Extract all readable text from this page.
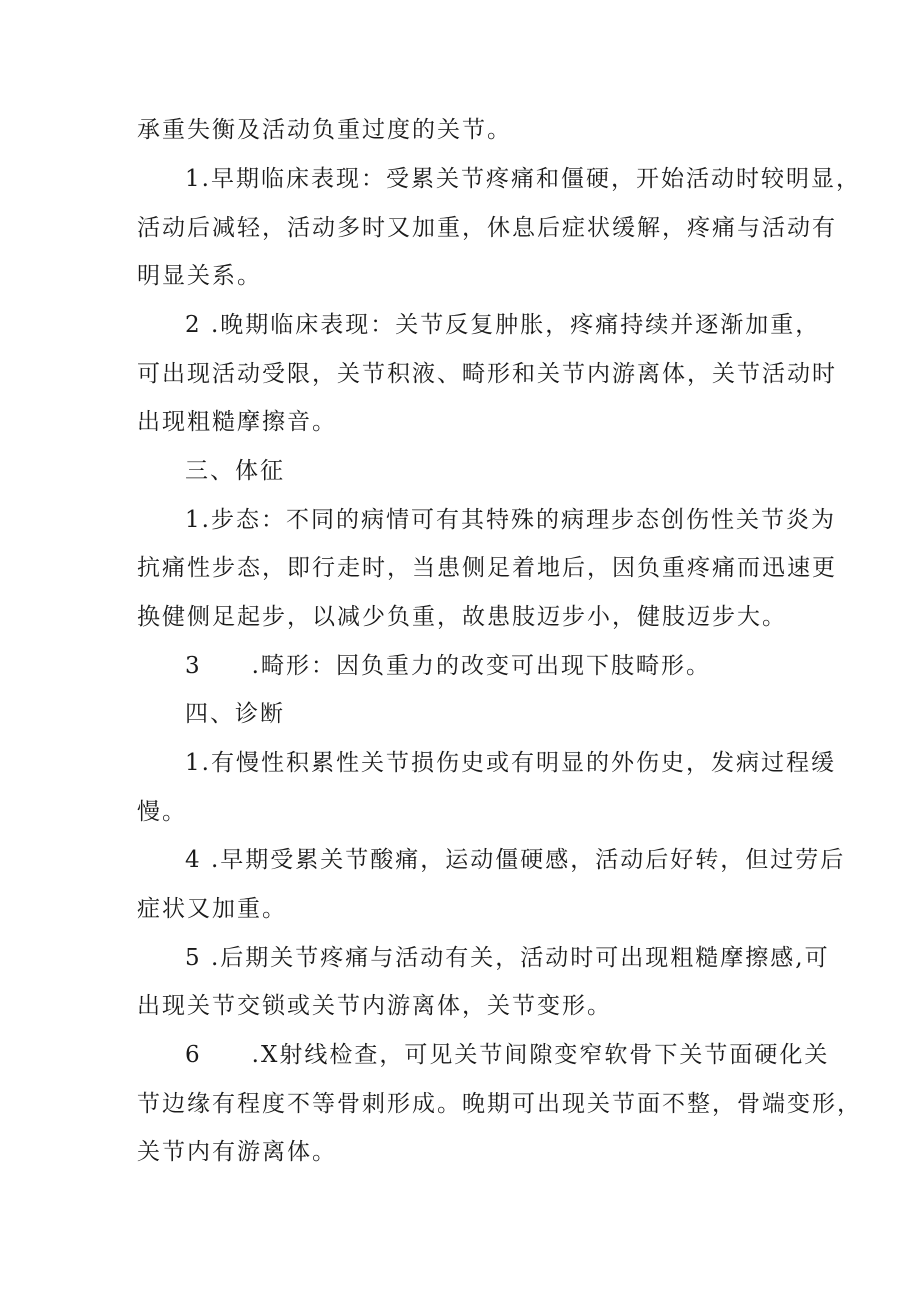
承重失衡及活动负重过度的关节。
1.早期临床表现：受累关节疼痛和僵硬，开始活动时较明显，
活动后减轻，活动多时又加重，休息后症状缓解，疼痛与活动有
明显关系。
2 .晚期临床表现：关节反复肿胀，疼痛持续并逐渐加重，
可出现活动受限，关节积液、畸形和关节内游离体，关节活动时
出现粗糙摩擦音。
三、体征
1.步态：不同的病情可有其特殊的病理步态创伤性关节炎为
抗痛性步态，即行走时，当患侧足着地后，因负重疼痛而迅速更
换健侧足起步，以减少负重，故患肢迈步小，健肢迈步大。
3　　.畸形：因负重力的改变可出现下肢畸形。
四、诊断
1.有慢性积累性关节损伤史或有明显的外伤史，发病过程缓
慢。
4 .早期受累关节酸痛，运动僵硬感，活动后好转，但过劳后
症状又加重。
5 .后期关节疼痛与活动有关，活动时可出现粗糙摩擦感,可
出现关节交锁或关节内游离体，关节变形。
6　　.X射线检查，可见关节间隙变窄软骨下关节面硬化关
节边缘有程度不等骨刺形成。晚期可出现关节面不整，骨端变形，
关节内有游离体。
